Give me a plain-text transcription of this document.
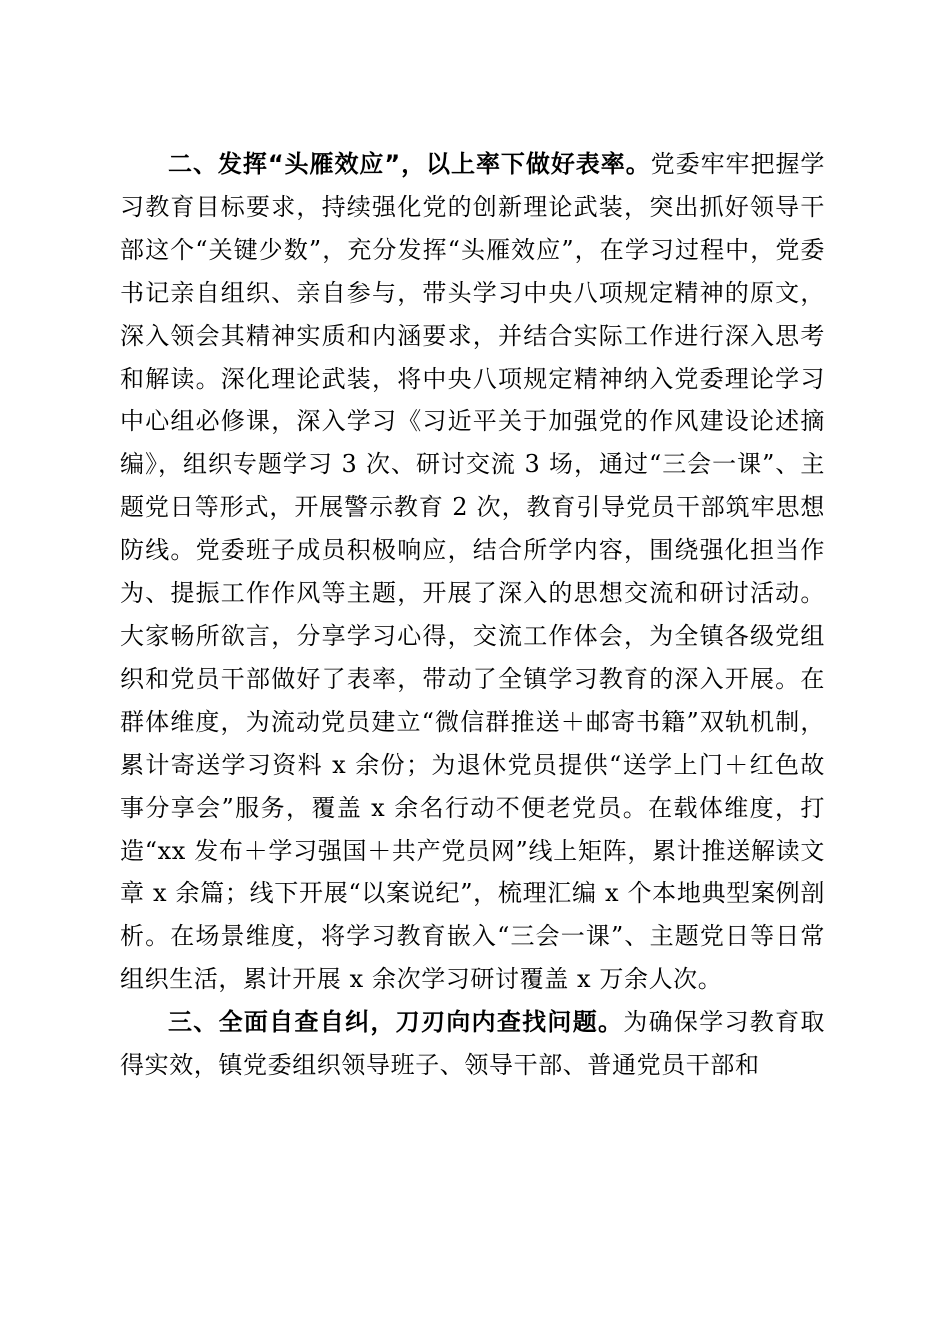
二、发挥“头雁效应”，以上率下做好表率。党委牢牢把握学习教育目标要求，持续强化党的创新理论武装，突出抓好领导干部这个“关键少数”，充分发挥“头雁效应”，在学习过程中，党委书记亲自组织、亲自参与，带头学习中央八项规定精神的原文，深入领会其精神实质和内涵要求，并结合实际工作进行深入思考和解读。深化理论武装，将中央八项规定精神纳入党委理论学习中心组必修课，深入学习《习近平关于加强党的作风建设论述摘编》，组织专题学习 3 次、研讨交流 3 场，通过“三会一课”、主题党日等形式，开展警示教育 2 次，教育引导党员干部筑牢思想防线。党委班子成员积极响应，结合所学内容，围绕强化担当作为、提振工作作风等主题，开展了深入的思想交流和研讨活动。大家畅所欲言，分享学习心得，交流工作体会，为全镇各级党组织和党员干部做好了表率，带动了全镇学习教育的深入开展。在群体维度，为流动党员建立“微信群推送＋邮寄书籍”双轨机制，累计寄送学习资料 x 余份；为退休党员提供“送学上门＋红色故事分享会”服务，覆盖 x 余名行动不便老党员。在载体维度，打造“xx 发布＋学习强国＋共产党员网”线上矩阵，累计推送解读文章 x 余篇；线下开展“以案说纪”，梳理汇编 x 个本地典型案例剖析。在场景维度，将学习教育嵌入“三会一课”、主题党日等日常组织生活，累计开展 x 余次学习研讨覆盖 x 万余人次。

三、全面自查自纠，刀刃向内查找问题。为确保学习教育取得实效，镇党委组织领导班子、领导干部、普通党员干部和
